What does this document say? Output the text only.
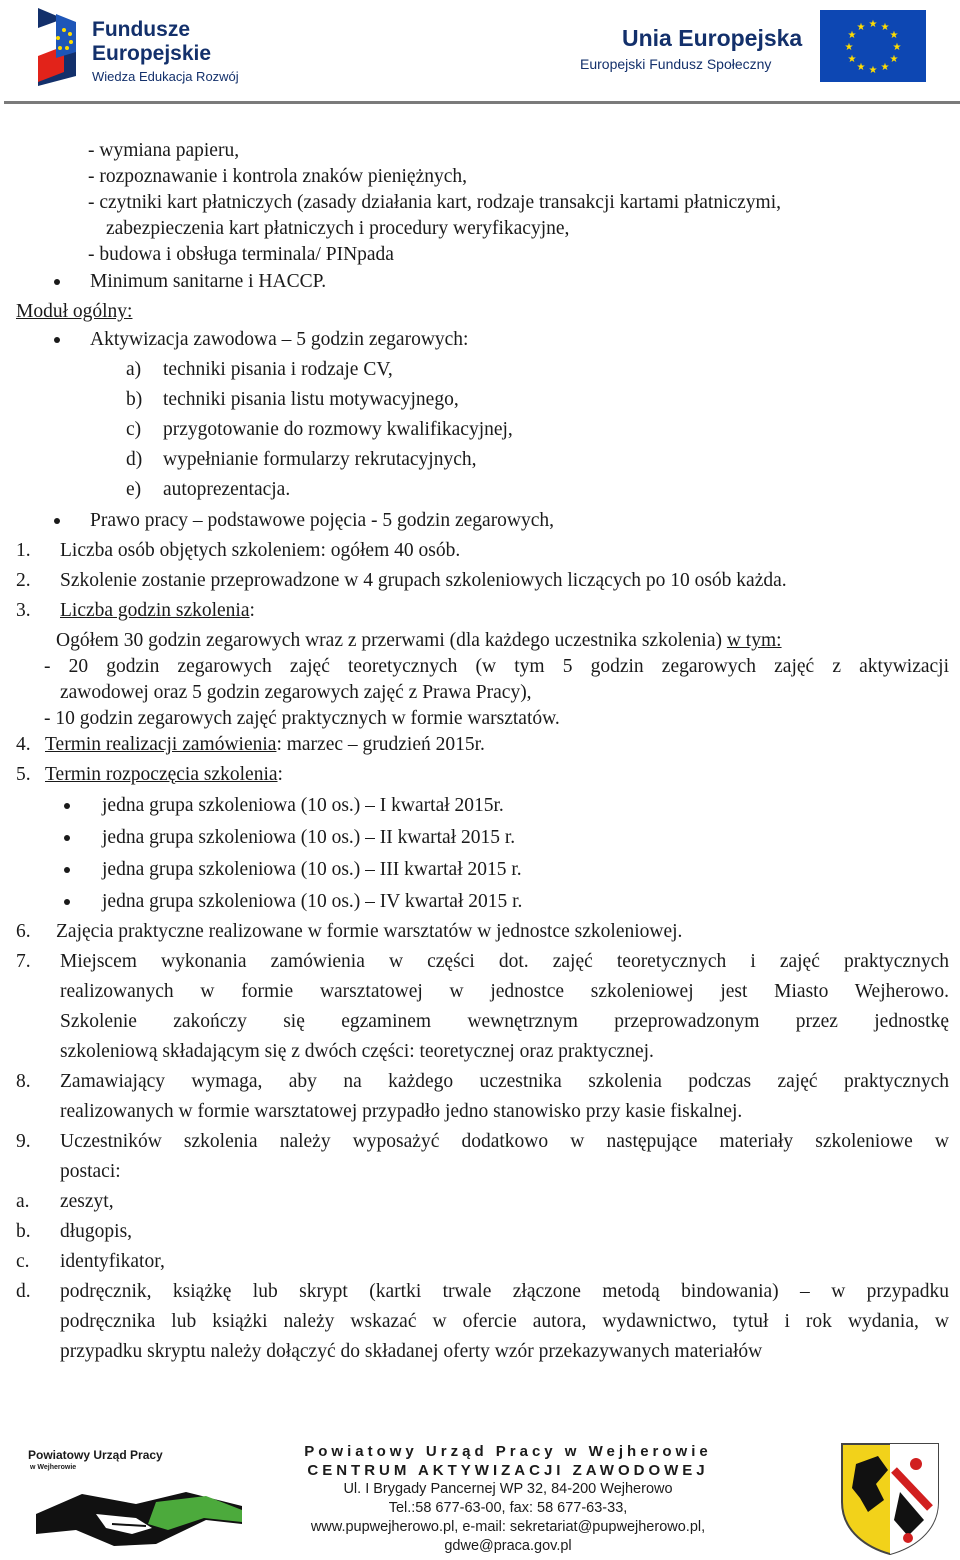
Fundusze
Europejskie
Wiedza Edukacja Rozwój
Unia Europejska
Europejski Fundusz Społeczny
★ ★
★
★
★
★
★
★
★
★
★
★
- wymiana papieru,
- rozpoznawanie i kontrola znaków pieniężnych,
- czytniki kart płatniczych (zasady działania kart, rodzaje transakcji kartami płatniczymi,
zabezpieczenia kart płatniczych i procedury weryfikacyjne,
- budowa i obsługa terminala/ PINpada
Minimum sanitarne i HACCP.
Moduł ogólny:
Aktywizacja zawodowa – 5 godzin zegarowych:
a) techniki pisania i rodzaje CV,
b) techniki pisania listu motywacyjnego,
c) przygotowanie do rozmowy kwalifikacyjnej,
d) wypełnianie formularzy rekrutacyjnych,
e) autoprezentacja.
Prawo pracy – podstawowe pojęcia - 5 godzin zegarowych,
1. Liczba osób objętych szkoleniem: ogółem 40 osób.
2. Szkolenie zostanie przeprowadzone w 4 grupach szkoleniowych liczących po 10 osób każda.
3. Liczba godzin szkolenia:
Ogółem 30 godzin zegarowych wraz z przerwami (dla każdego uczestnika szkolenia) w tym:
- 20 godzin zegarowych zajęć teoretycznych (w tym 5 godzin zegarowych zajęć z aktywizacji
zawodowej oraz 5 godzin zegarowych zajęć z Prawa Pracy),
- 10 godzin zegarowych zajęć praktycznych w formie warsztatów.
4. Termin realizacji zamówienia: marzec – grudzień 2015r.
5. Termin rozpoczęcia szkolenia:
jedna grupa szkoleniowa (10 os.) – I kwartał 2015r.
jedna grupa szkoleniowa (10 os.) – II kwartał 2015 r.
jedna grupa szkoleniowa (10 os.) – III kwartał 2015 r.
jedna grupa szkoleniowa (10 os.) – IV kwartał 2015 r.
6. Zajęcia praktyczne realizowane w formie warsztatów w jednostce szkoleniowej.
7. Miejscem wykonania zamówienia w części dot. zajęć teoretycznych i zajęć praktycznych
realizowanych w formie warsztatowej w jednostce szkoleniowej jest Miasto Wejherowo.
Szkolenie zakończy się egzaminem wewnętrznym przeprowadzonym przez jednostkę
szkoleniową składającym się z dwóch części: teoretycznej oraz praktycznej.
8. Zamawiający wymaga, aby na każdego uczestnika szkolenia podczas zajęć praktycznych
realizowanych w formie warsztatowej przypadło jedno stanowisko przy kasie fiskalnej.
9. Uczestników szkolenia należy wyposażyć dodatkowo w następujące materiały szkoleniowe w
postaci:
a. zeszyt,
b. długopis,
c. identyfikator,
d. podręcznik, książkę lub skrypt (kartki trwale złączone metodą bindowania) – w przypadku
podręcznika lub książki należy wskazać w ofercie autora, wydawnictwo, tytuł i rok wydania, w
przypadku skryptu należy dołączyć do składanej oferty wzór przekazywanych materiałów
Powiatowy Urząd Pracy
w Wejherowie
Powiatowy Urząd Pracy w Wejherowie
CENTRUM AKTYWIZACJI ZAWODOWEJ
Ul. I Brygady Pancernej WP 32, 84-200 Wejherowo
Tel.:58 677-63-00, fax: 58 677-63-33,
www.pupwejherowo.pl, e-mail: sekretariat@pupwejherowo.pl,
gdwe@praca.gov.pl
